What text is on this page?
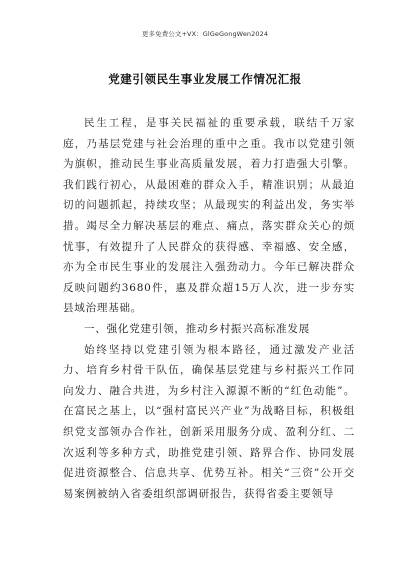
更多免费公文+VX：GlGeGongWen2024
党建引领民生事业发展工作情况汇报

民生工程，是事关民福祉的重要承载，联结千万家庭，乃基层党建与社会治理的重中之重。我市以党建引领为旗帜，推动民生事业高质量发展，着力打造强大引擎。我们践行初心，从最困难的群众入手，精准识别；从最迫切的问题抓起，持续攻坚；从最现实的利益出发，务实举措。竭尽全力解决基层的难点、痛点，落实群众关心的烦忧事，有效提升了人民群众的获得感、幸福感、安全感，亦为全市民生事业的发展注入强劲动力。今年已解决群众反映问题约3680件，惠及群众超15万人次，进一步夯实县域治理基础。

一、强化党建引领，推动乡村振兴高标准发展

始终坚持以党建引领为根本路径，通过激发产业活力、培育乡村骨干队伍，确保基层党建与乡村振兴工作同向发力、融合共进，为乡村注入源源不断的“红色动能”。在富民之基上，以“强村富民兴产业”为战略目标，积极组织党支部领办合作社，创新采用服务分成、盈利分红、二次返利等多种方式，助推党建引领、路界合作、协同发展促进资源整合、信息共享、优势互补。相关“三资”公开交易案例被纳入省委组织部调研报告，获得省委主要领导
